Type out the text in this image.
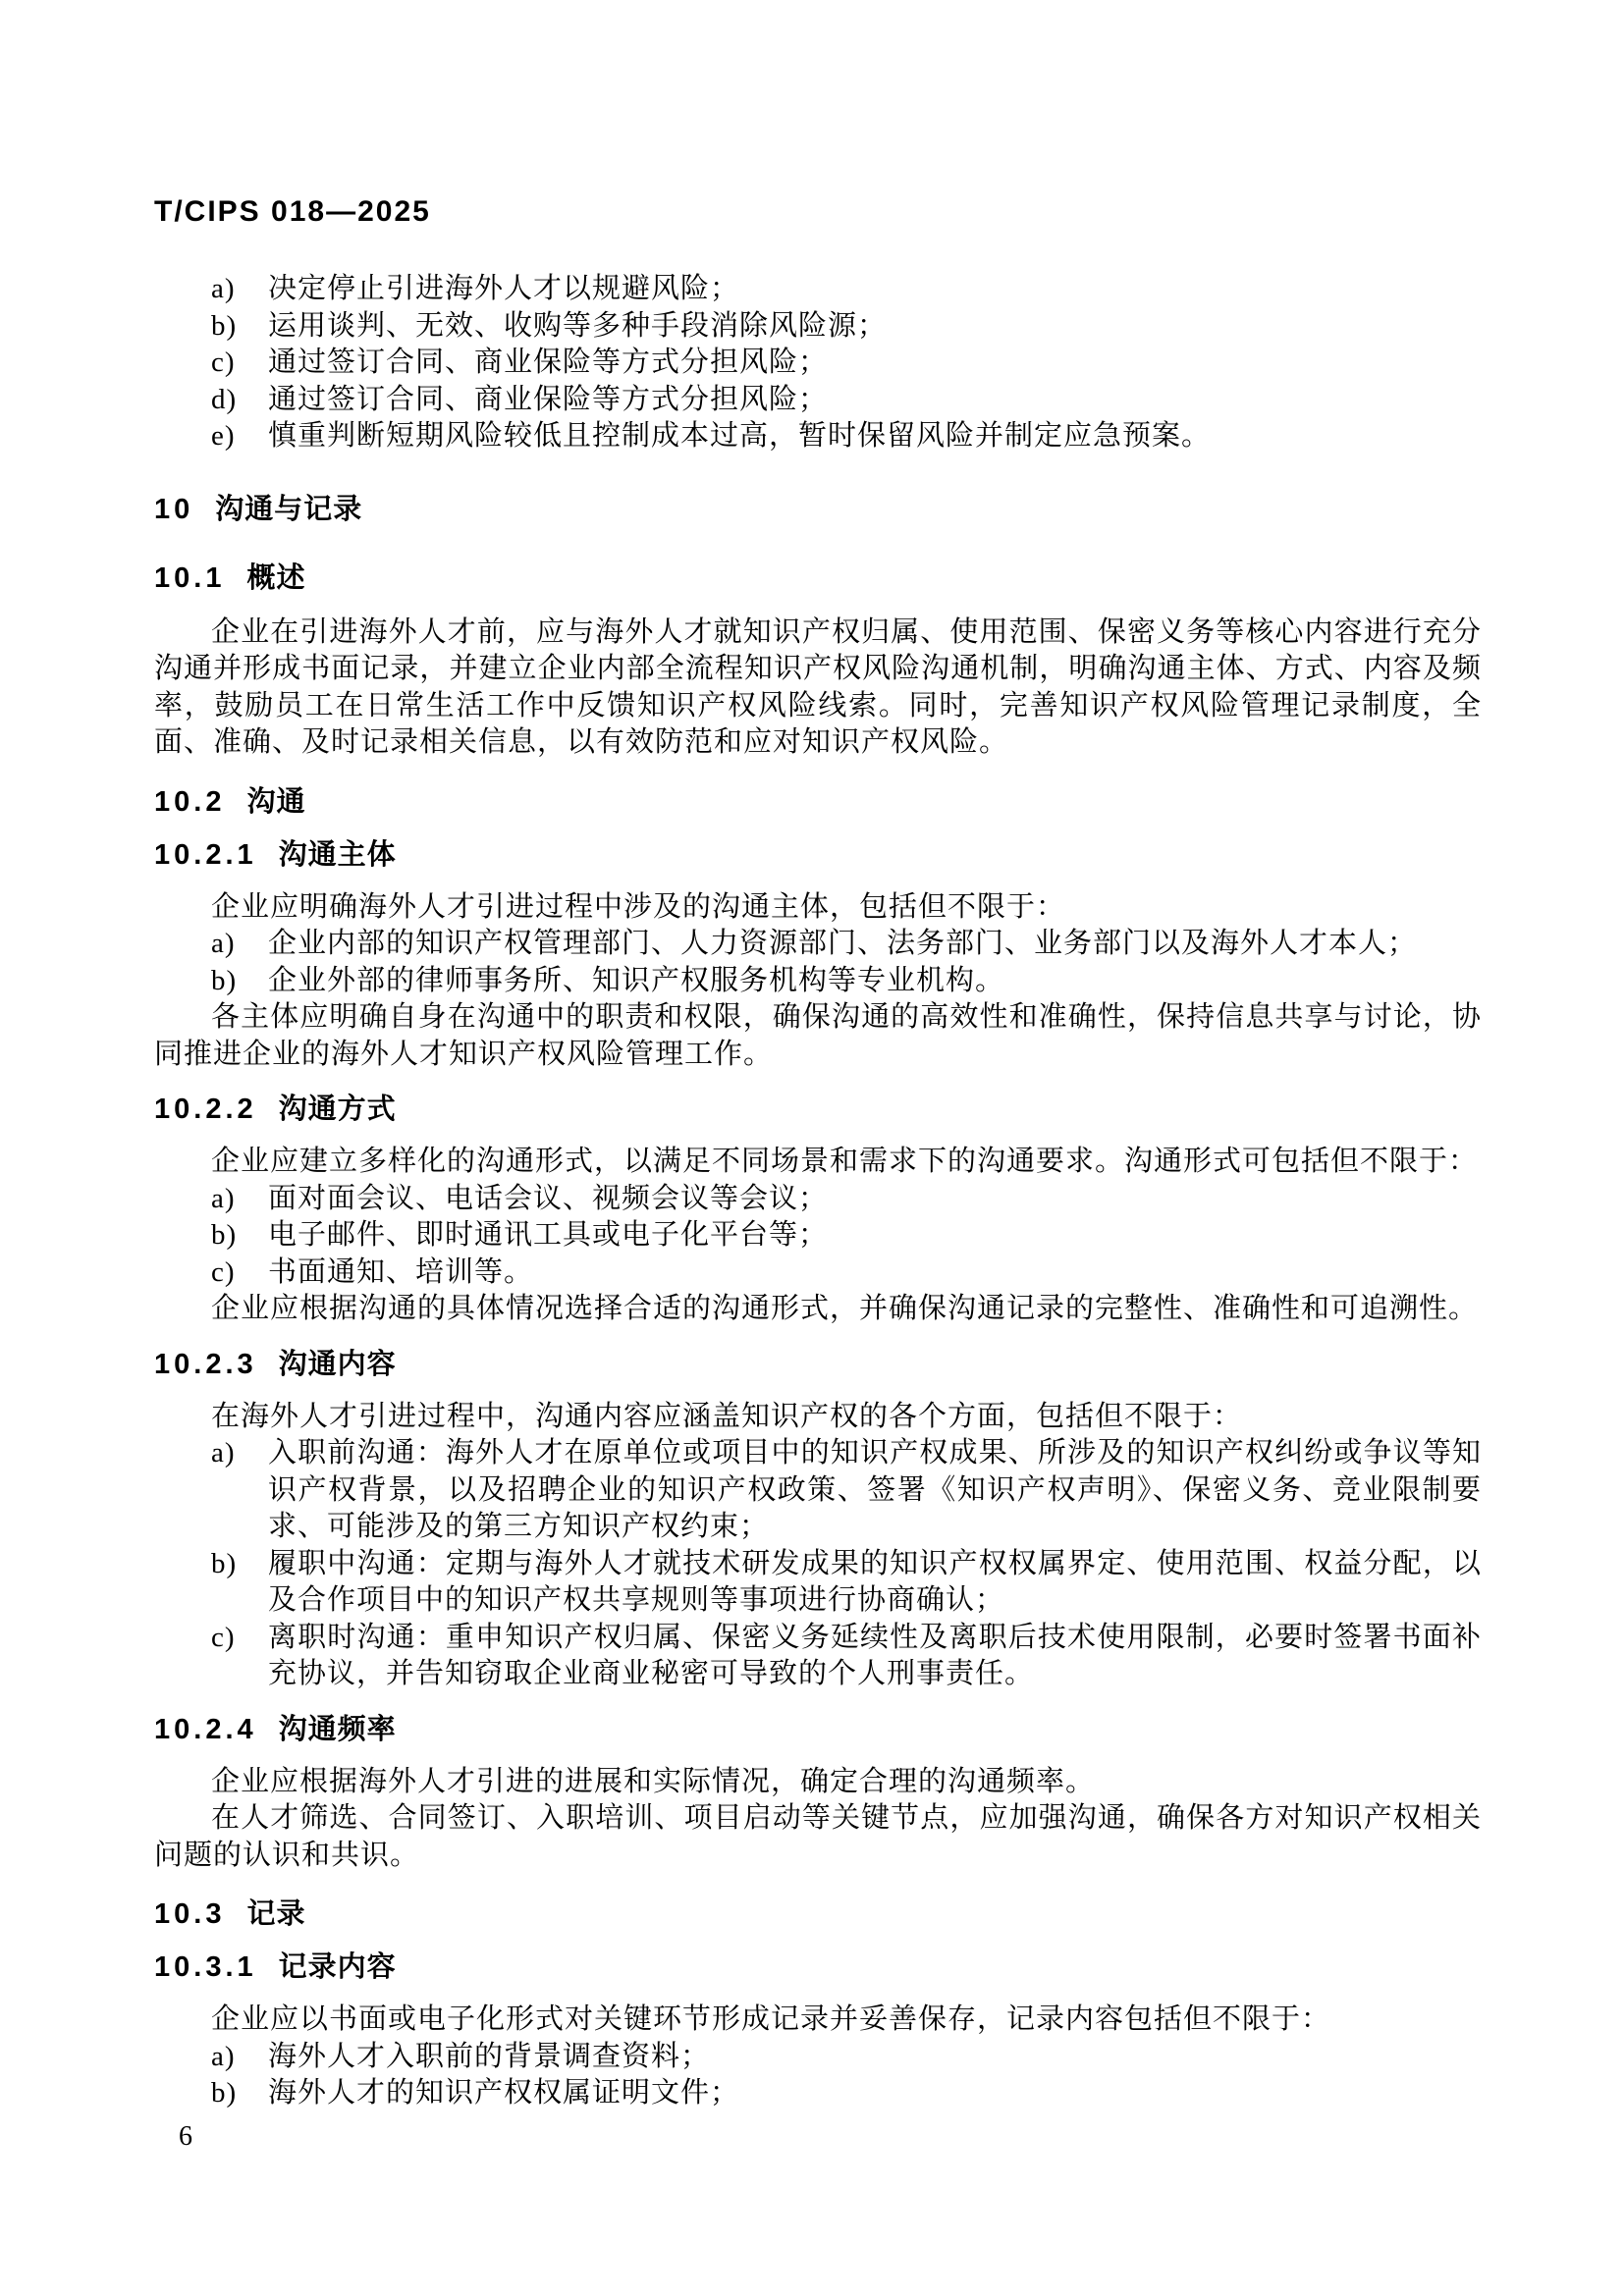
T/CIPS 018—2025
a) 决定停止引进海外人才以规避风险；
b) 运用谈判、无效、收购等多种手段消除风险源；
c) 通过签订合同、商业保险等方式分担风险；
d) 通过签订合同、商业保险等方式分担风险；
e) 慎重判断短期风险较低且控制成本过高，暂时保留风险并制定应急预案。
10 沟通与记录
10.1 概述

企业在引进海外人才前，应与海外人才就知识产权归属、使用范围、保密义务等核心内容进行充分沟通并形成书面记录，并建立企业内部全流程知识产权风险沟通机制，明确沟通主体、方式、内容及频率，鼓励员工在日常生活工作中反馈知识产权风险线索。同时，完善知识产权风险管理记录制度，全面、准确、及时记录相关信息，以有效防范和应对知识产权风险。

10.2 沟通
10.2.1 沟通主体

企业应明确海外人才引进过程中涉及的沟通主体，包括但不限于：

a) 企业内部的知识产权管理部门、人力资源部门、法务部门、业务部门以及海外人才本人；
b) 企业外部的律师事务所、知识产权服务机构等专业机构。

各主体应明确自身在沟通中的职责和权限，确保沟通的高效性和准确性，保持信息共享与讨论，协同推进企业的海外人才知识产权风险管理工作。

10.2.2 沟通方式

企业应建立多样化的沟通形式，以满足不同场景和需求下的沟通要求。沟通形式可包括但不限于：

a) 面对面会议、电话会议、视频会议等会议；
b) 电子邮件、即时通讯工具或电子化平台等；
c) 书面通知、培训等。

企业应根据沟通的具体情况选择合适的沟通形式，并确保沟通记录的完整性、准确性和可追溯性。

10.2.3 沟通内容

在海外人才引进过程中，沟通内容应涵盖知识产权的各个方面，包括但不限于：

a) 入职前沟通：海外人才在原单位或项目中的知识产权成果、所涉及的知识产权纠纷或争议等知识产权背景，以及招聘企业的知识产权政策、签署《知识产权声明》、保密义务、竞业限制要求、可能涉及的第三方知识产权约束；
b) 履职中沟通：定期与海外人才就技术研发成果的知识产权权属界定、使用范围、权益分配，以及合作项目中的知识产权共享规则等事项进行协商确认；
c) 离职时沟通：重申知识产权归属、保密义务延续性及离职后技术使用限制，必要时签署书面补充协议，并告知窃取企业商业秘密可导致的个人刑事责任。
10.2.4 沟通频率

企业应根据海外人才引进的进展和实际情况，确定合理的沟通频率。

在人才筛选、合同签订、入职培训、项目启动等关键节点，应加强沟通，确保各方对知识产权相关问题的认识和共识。

10.3 记录
10.3.1 记录内容

企业应以书面或电子化形式对关键环节形成记录并妥善保存，记录内容包括但不限于：

a) 海外人才入职前的背景调查资料；
b) 海外人才的知识产权权属证明文件；
6
